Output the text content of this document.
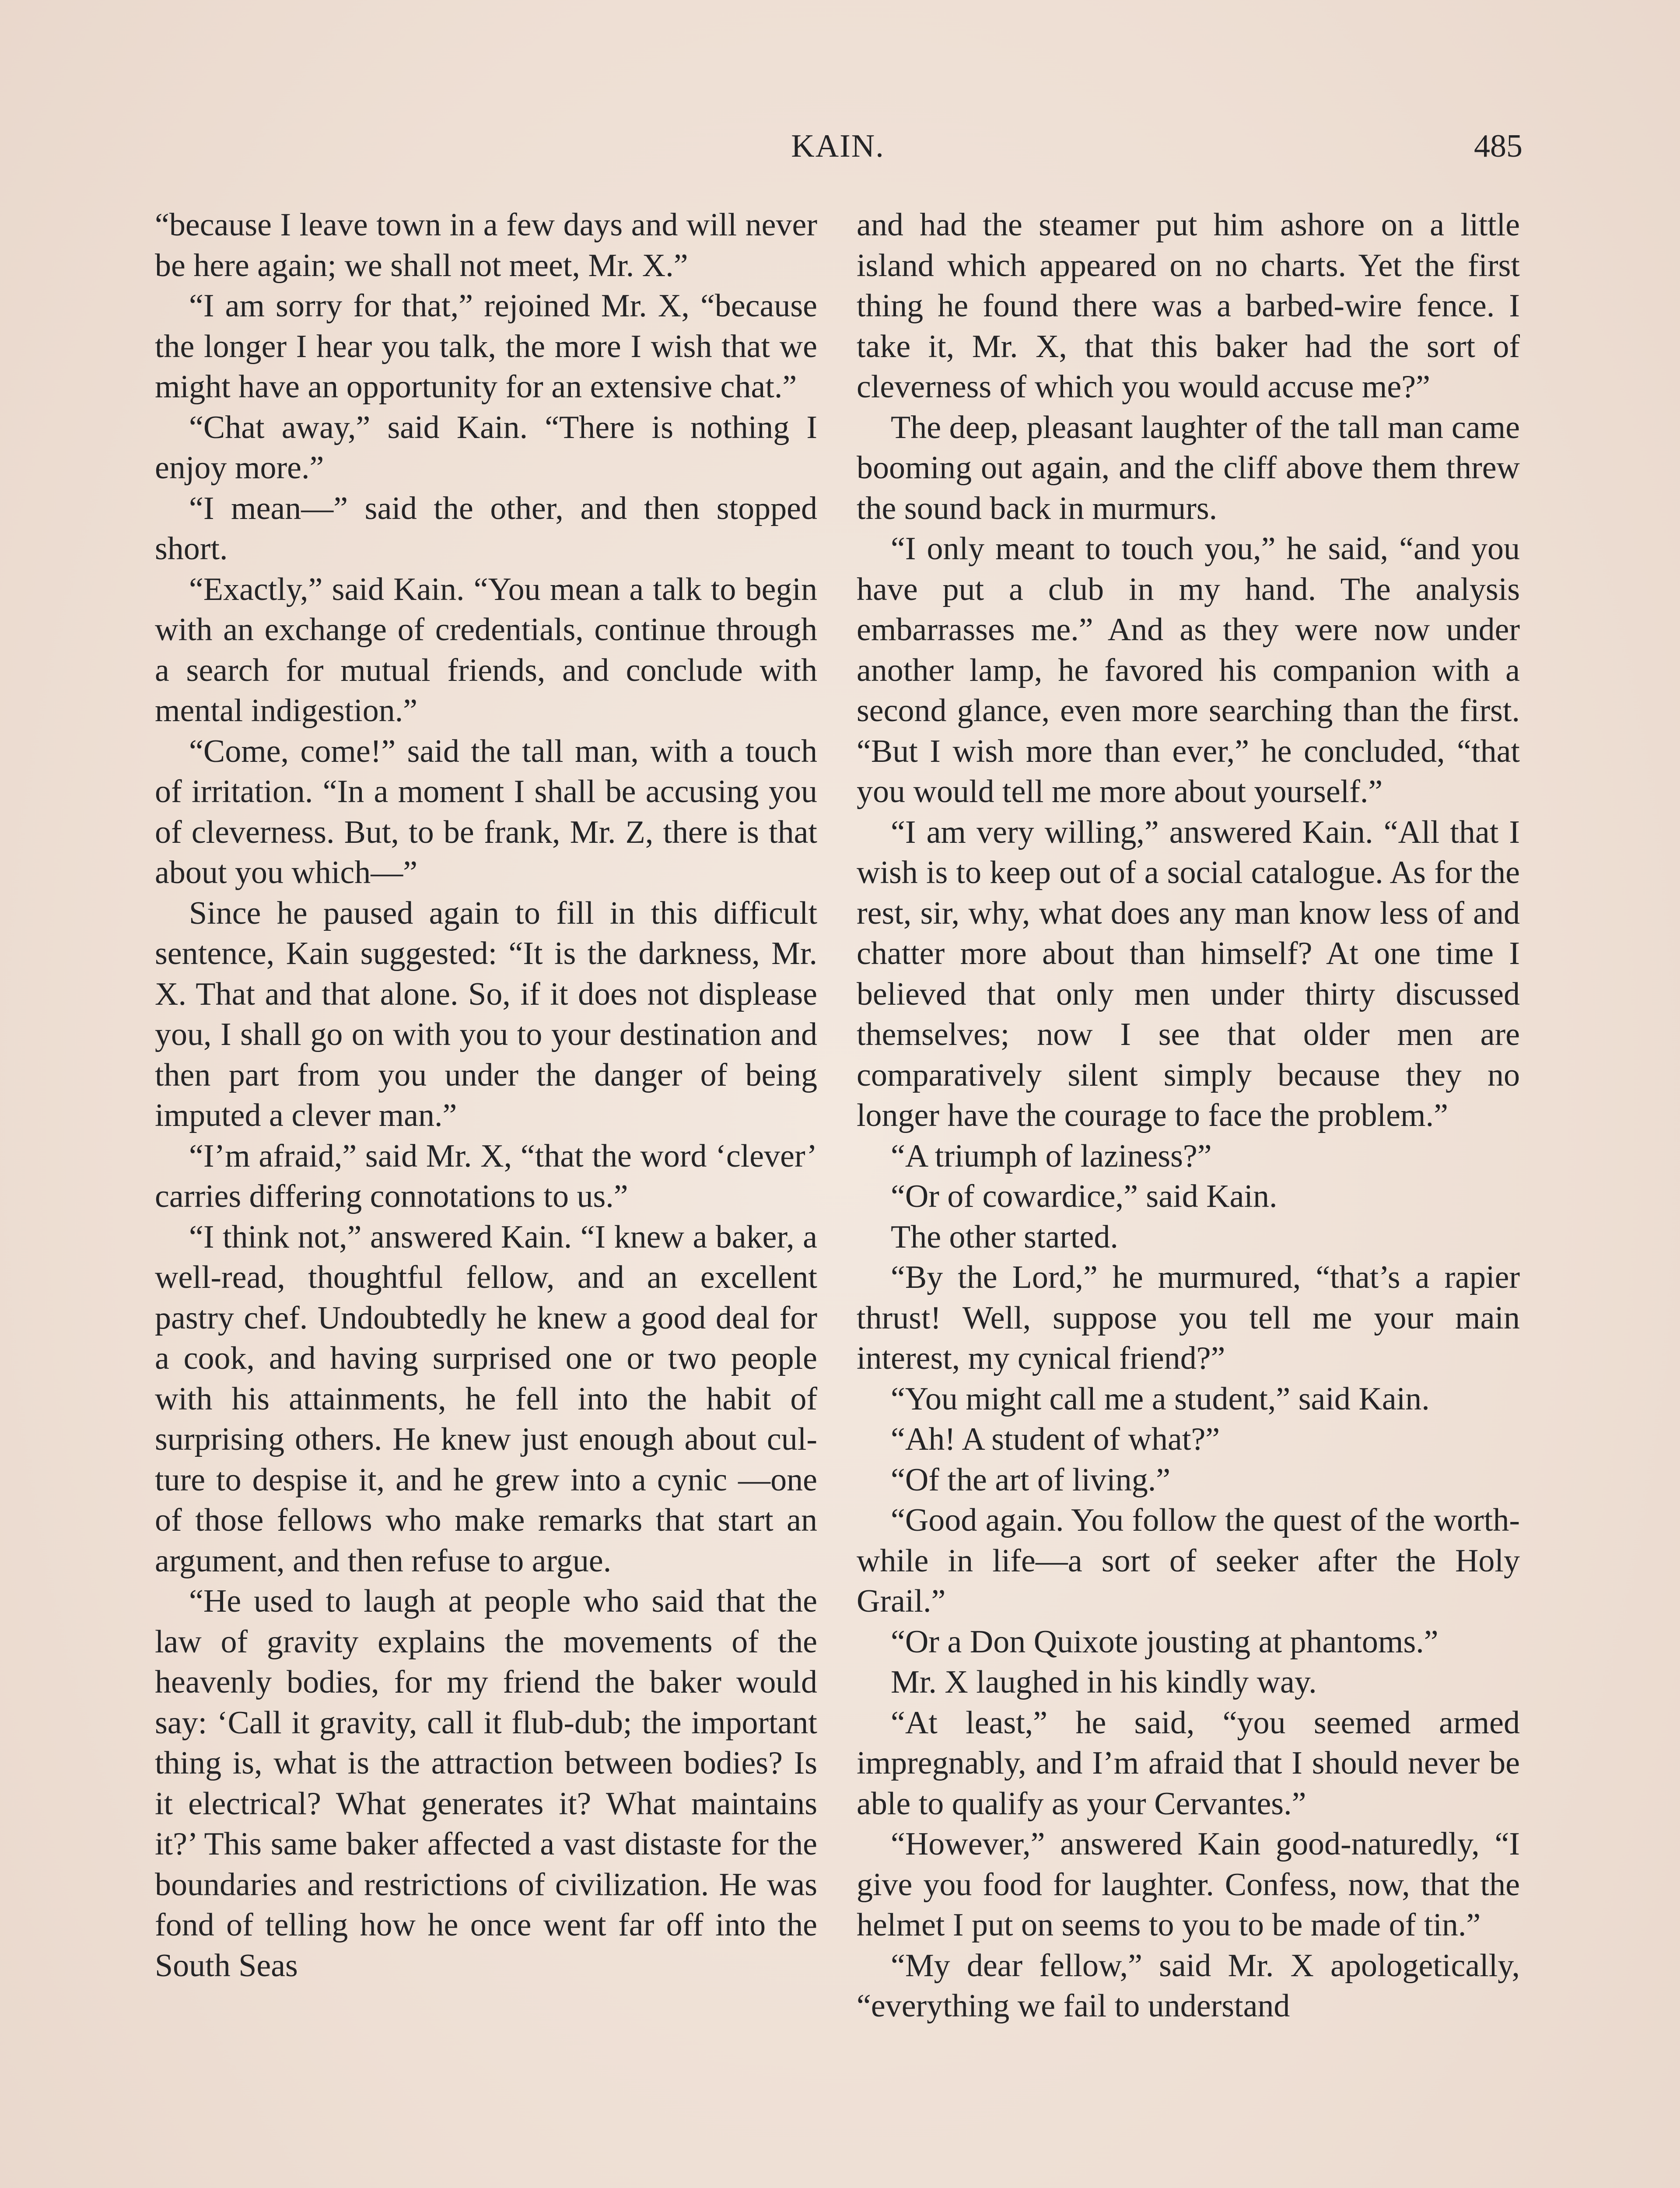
KAIN.	485

“because I leave town in a few days and will never be here again; we shall not meet, Mr. X.”

“I am sorry for that,” rejoined Mr. X, “because the longer I hear you talk, the more I wish that we might have an opportunity for an extensive chat.”

“Chat away,” said Kain. “There is nothing I enjoy more.”

“I mean—” said the other, and then stopped short.

“Exactly,” said Kain. “You mean a talk to begin with an exchange of credentials, continue through a search for mutual friends, and conclude with mental indigestion.”

“Come, come!” said the tall man, with a touch of irritation. “In a moment I shall be accusing you of cleverness. But, to be frank, Mr. Z, there is that about you which—”

Since he paused again to fill in this difficult sentence, Kain suggested: “It is the darkness, Mr. X. That and that alone. So, if it does not displease you, I shall go on with you to your destination and then part from you under the danger of being imputed a clever man.”

“I’m afraid,” said Mr. X, “that the word ‘clever’ carries differing connotations to us.”

“I think not,” answered Kain. “I knew a baker, a well-read, thoughtful fellow, and an excellent pastry chef. Undoubtedly he knew a good deal for a cook, and having surprised one or two people with his attainments, he fell into the habit of surprising others. He knew just enough about culture to despise it, and he grew into a cynic —one of those fellows who make remarks that start an argument, and then refuse to argue.

“He used to laugh at people who said that the law of gravity explains the movements of the heavenly bodies, for my friend the baker would say: ‘Call it gravity, call it flub-dub; the important thing is, what is the attraction between bodies? Is it electrical? What generates it? What maintains it?’ This same baker affected a vast distaste for the boundaries and restrictions of civilization. He was fond of telling how he once went far off into the South Seas

and had the steamer put him ashore on a little island which appeared on no charts. Yet the first thing he found there was a barbed-wire fence. I take it, Mr. X, that this baker had the sort of cleverness of which you would accuse me?”

The deep, pleasant laughter of the tall man came booming out again, and the cliff above them threw the sound back in murmurs.

“I only meant to touch you,” he said, “and you have put a club in my hand. The analysis embarrasses me.” And as they were now under another lamp, he favored his companion with a second glance, even more searching than the first. “But I wish more than ever,” he concluded, “that you would tell me more about yourself.”

“I am very willing,” answered Kain. “All that I wish is to keep out of a social catalogue. As for the rest, sir, why, what does any man know less of and chatter more about than himself? At one time I believed that only men under thirty discussed themselves; now I see that older men are comparatively silent simply because they no longer have the courage to face the problem.”

“A triumph of laziness?”

“Or of cowardice,” said Kain.

The other started.

“By the Lord,” he murmured, “that’s a rapier thrust! Well, suppose you tell me your main interest, my cynical friend?”

“You might call me a student,” said Kain.

“Ah! A student of what?”

“Of the art of living.”

“Good again. You follow the quest of the worth-while in life—a sort of seeker after the Holy Grail.”

“Or a Don Quixote jousting at phantoms.”

Mr. X laughed in his kindly way.

“At least,” he said, “you seemed armed impregnably, and I’m afraid that I should never be able to qualify as your Cervantes.”

“However,” answered Kain good-naturedly, “I give you food for laughter. Confess, now, that the helmet I put on seems to you to be made of tin.”

“My dear fellow,” said Mr. X apologetically, “everything we fail to understand
